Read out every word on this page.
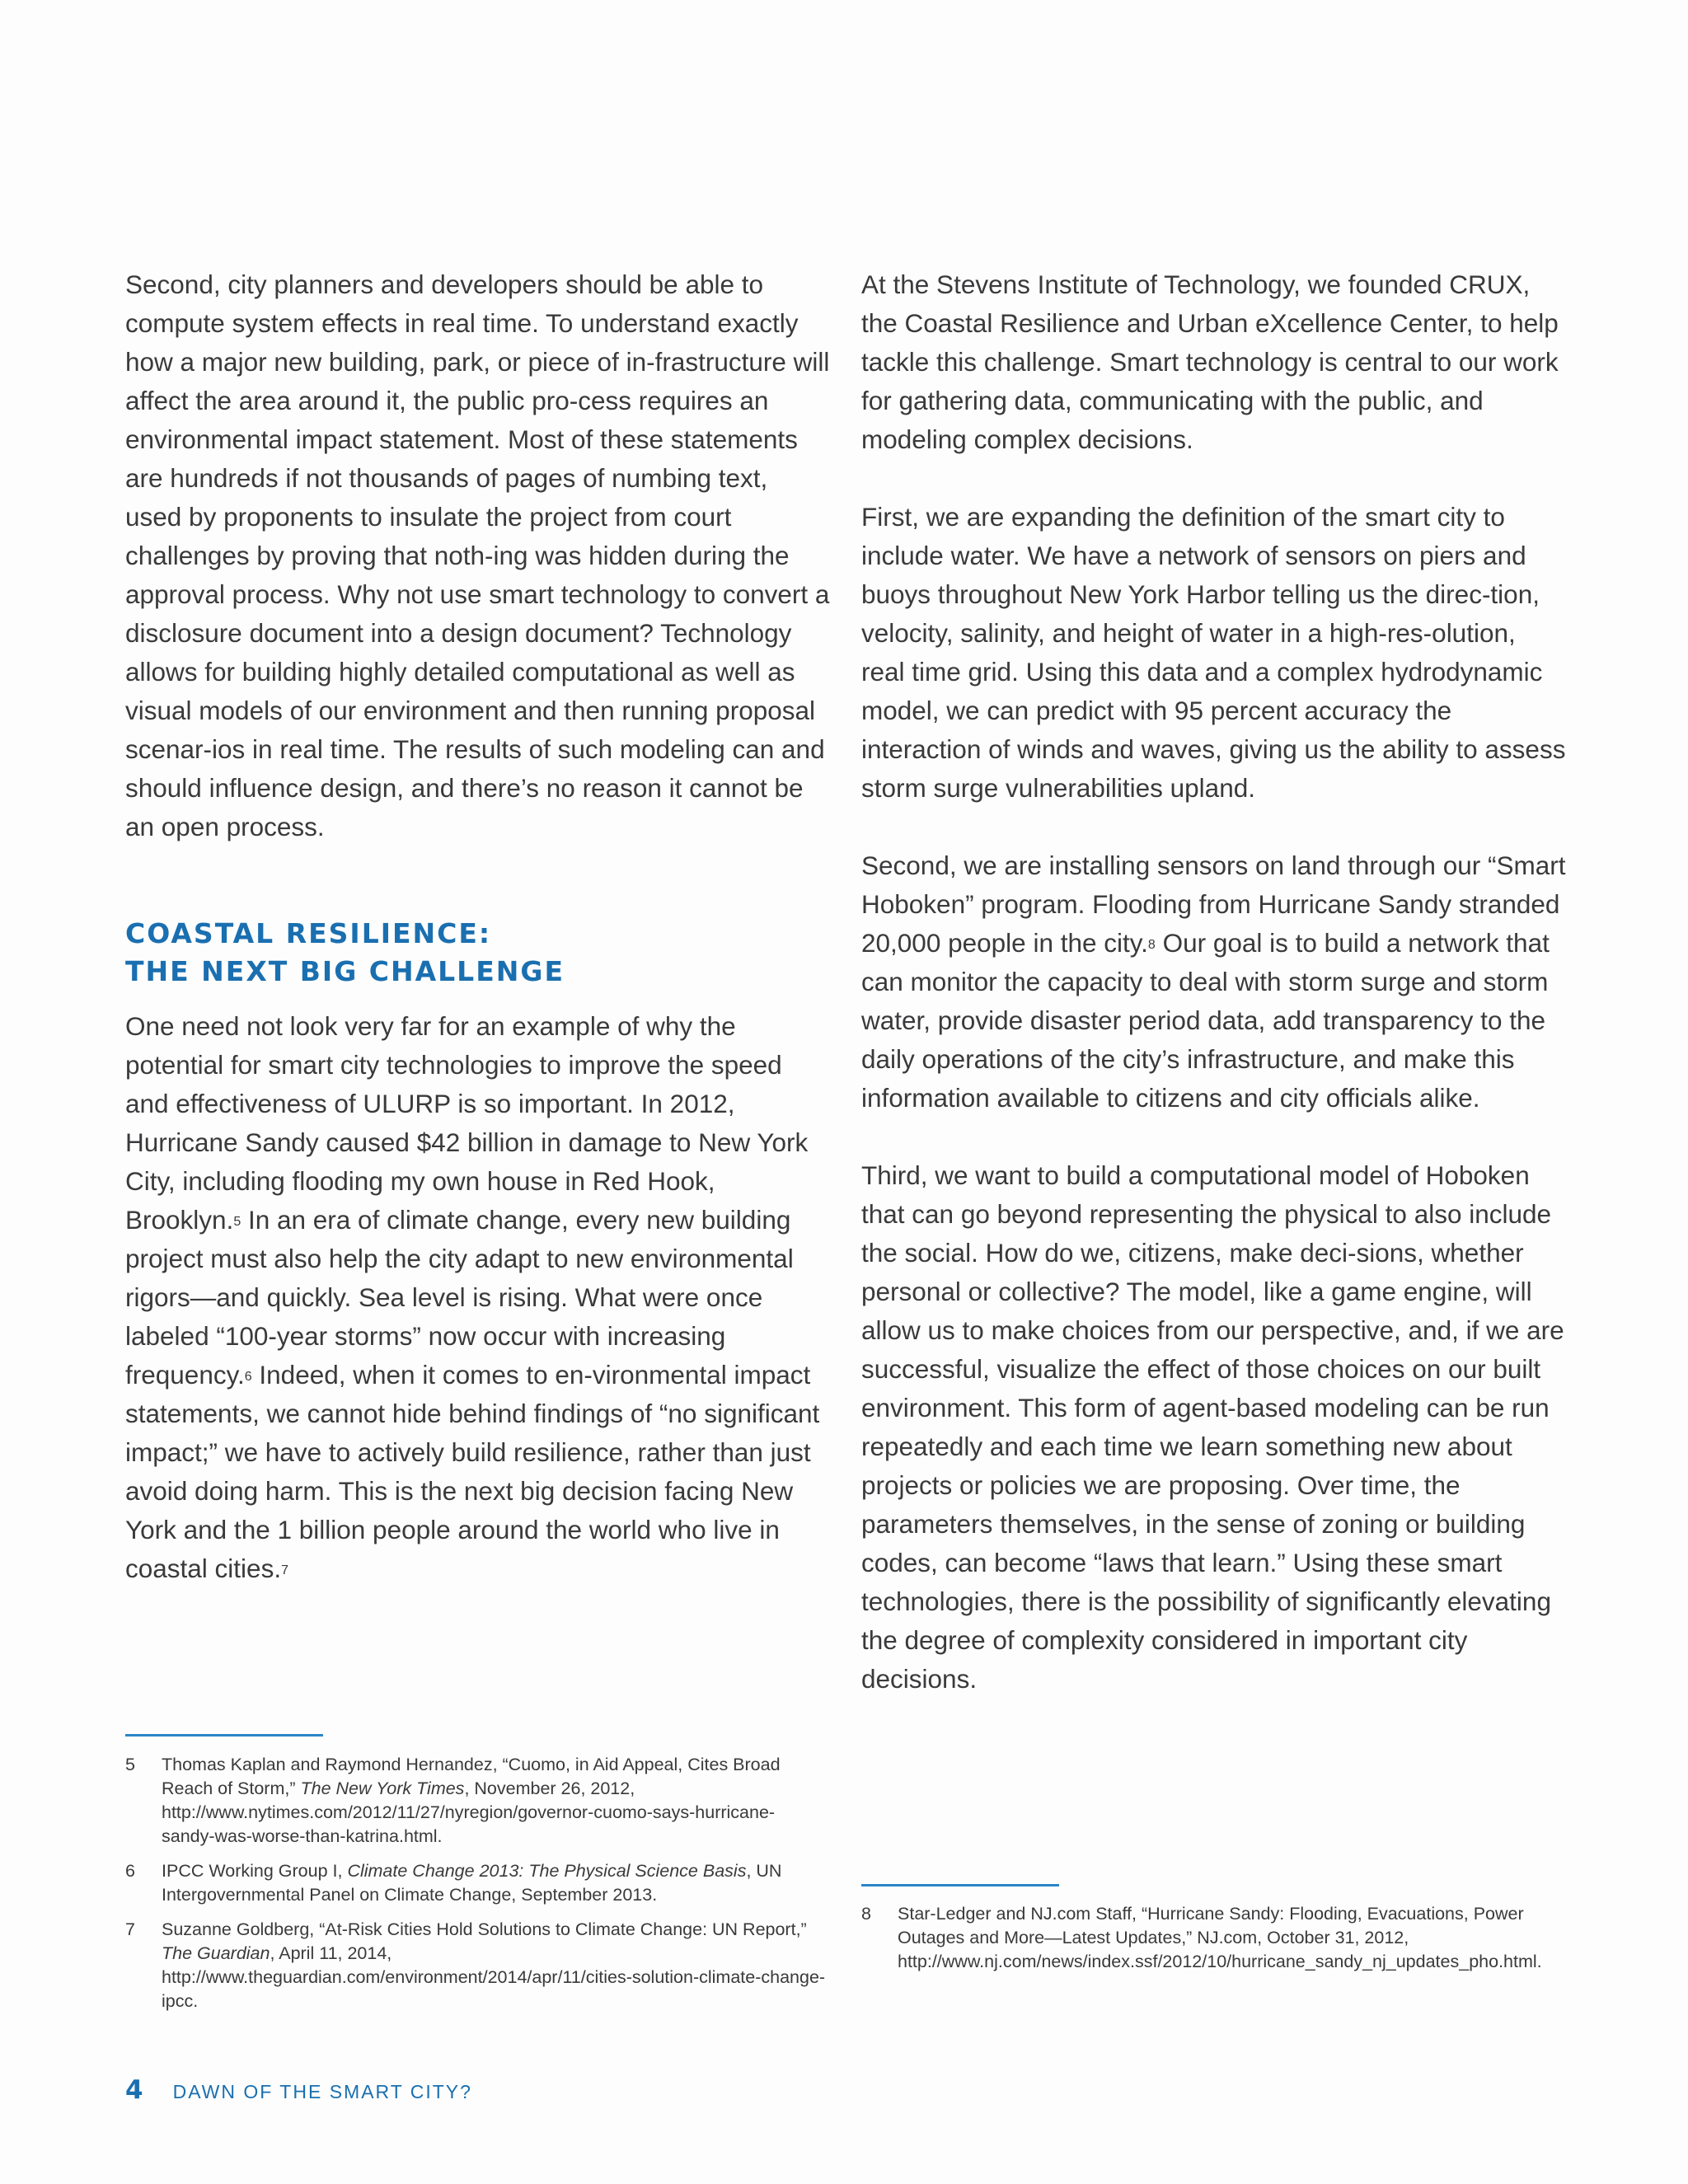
Second, city planners and developers should be able to compute system effects in real time. To understand exactly how a major new building, park, or piece of in-frastructure will affect the area around it, the public pro-cess requires an environmental impact statement. Most of these statements are hundreds if not thousands of pages of numbing text, used by proponents to insulate the project from court challenges by proving that noth-ing was hidden during the approval process. Why not use smart technology to convert a disclosure document into a design document? Technology allows for building highly detailed computational as well as visual models of our environment and then running proposal scenar-ios in real time. The results of such modeling can and should influence design, and there’s no reason it cannot be an open process.

COASTAL RESILIENCE:
THE NEXT BIG CHALLENGE

One need not look very far for an example of why the potential for smart city technologies to improve the speed and effectiveness of ULURP is so important. In 2012, Hurricane Sandy caused $42 billion in damage to New York City, including flooding my own house in Red Hook, Brooklyn.$^5$ In an era of climate change, every new building project must also help the city adapt to new environmental rigors—and quickly. Sea level is rising. What were once labeled “100-year storms” now occur with increasing frequency.$^6$ Indeed, when it comes to en-vironmental impact statements, we cannot hide behind findings of “no significant impact;” we have to actively build resilience, rather than just avoid doing harm. This is the next big decision facing New York and the 1 billion people around the world who live in coastal cities.$^7$

At the Stevens Institute of Technology, we founded CRUX, the Coastal Resilience and Urban eXcellence Center, to help tackle this challenge. Smart technology is central to our work for gathering data, communicating with the public, and modeling complex decisions.

First, we are expanding the definition of the smart city to include water. We have a network of sensors on piers and buoys throughout New York Harbor telling us the direc-tion, velocity, salinity, and height of water in a high-res-olution, real time grid. Using this data and a complex hydrodynamic model, we can predict with 95 percent accuracy the interaction of winds and waves, giving us the ability to assess storm surge vulnerabilities upland.

Second, we are installing sensors on land through our “Smart Hoboken” program. Flooding from Hurricane Sandy stranded 20,000 people in the city.$^8$ Our goal is to build a network that can monitor the capacity to deal with storm surge and storm water, provide disaster period data, add transparency to the daily operations of the city’s infrastructure, and make this information available to citizens and city officials alike.

Third, we want to build a computational model of Hoboken that can go beyond representing the physical to also include the social. How do we, citizens, make deci-sions, whether personal or collective? The model, like a game engine, will allow us to make choices from our perspective, and, if we are successful, visualize the effect of those choices on our built environment. This form of agent-based modeling can be run repeatedly and each time we learn something new about projects or policies we are proposing. Over time, the parameters themselves, in the sense of zoning or building codes, can become “laws that learn.” Using these smart technologies, there is the possibility of significantly elevating the degree of complexity considered in important city decisions.

5	Thomas Kaplan and Raymond Hernandez, “Cuomo, in Aid Appeal, Cites Broad Reach of Storm,” The New York Times, November 26, 2012, http://www.nytimes.com/2012/11/27/nyregion/governor-cuomo-says-hurricane-sandy-was-worse-than-katrina.html.
6	IPCC Working Group I, Climate Change 2013: The Physical Science Basis, UN Intergovernmental Panel on Climate Change, September 2013.
7	Suzanne Goldberg, “At-Risk Cities Hold Solutions to Climate Change: UN Report,” The Guardian, April 11, 2014, http://www.theguardian.com/environment/2014/apr/11/cities-solution-climate-change-ipcc.
8	Star-Ledger and NJ.com Staff, “Hurricane Sandy: Flooding, Evacuations, Power Outages and More—Latest Updates,” NJ.com, October 31, 2012, http://www.nj.com/news/index.ssf/2012/10/hurricane_sandy_nj_updates_pho.html.
4 DAWN OF THE SMART CITY?
